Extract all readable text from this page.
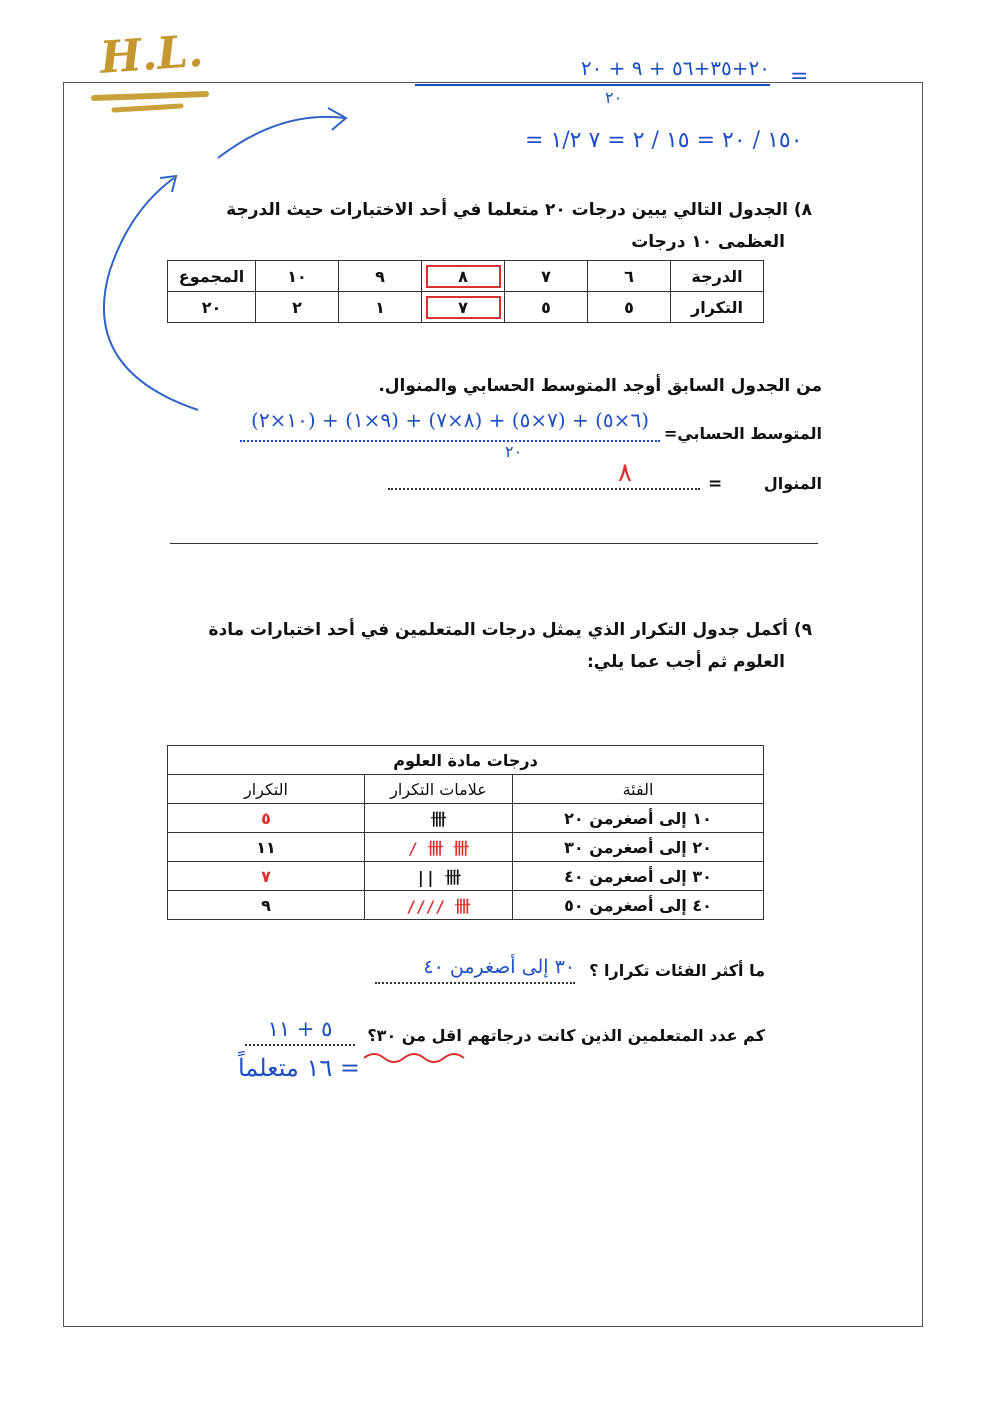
H.L.	٢٠+٣٥+٥٦ + ٩ + ٢٠
٢٠
=
= ١٥٠ / ٢٠ = ١٥ / ٢ = ٧ ١/٢
٨) الجدول التالي يبين درجات ٢٠ متعلما في أحد الاختبارات حيث الدرجة
العظمى ١٠ درجات
الدرجة	٦	٧	٨	٩	١٠	المجموع
التكرار	٥	٥	٧	١	٢	٢٠
من الجدول السابق أوجد المتوسط الحسابي والمنوال.
المتوسط الحسابي=
(٦×٥) + (٧×٥) + (٨×٧) + (٩×١) + (١٠×٢)
٢٠
المنوال
=
٨
٩) أكمل جدول التكرار الذي يمثل درجات المتعلمين في أحد اختبارات مادة
العلوم ثم أجب عما يلي:
درجات مادة العلوم		
الفئة	علامات التكرار	التكرار
١٠ إلى أصغرمن ٢٠	卌	٥
٢٠ إلى أصغرمن ٣٠	卌 卌 /	١١
٣٠ إلى أصغرمن ٤٠	卌 ||	٧
٤٠ إلى أصغرمن ٥٠	卌 ////	٩
ما أكثر الفئات تكرارا ؟
٣٠ إلى أصغرمن ٤٠
كم عدد المتعلمين الذين كانت درجاتهم اقل من ٣٠؟
٥ + ١١
= ١٦ متعلماً
